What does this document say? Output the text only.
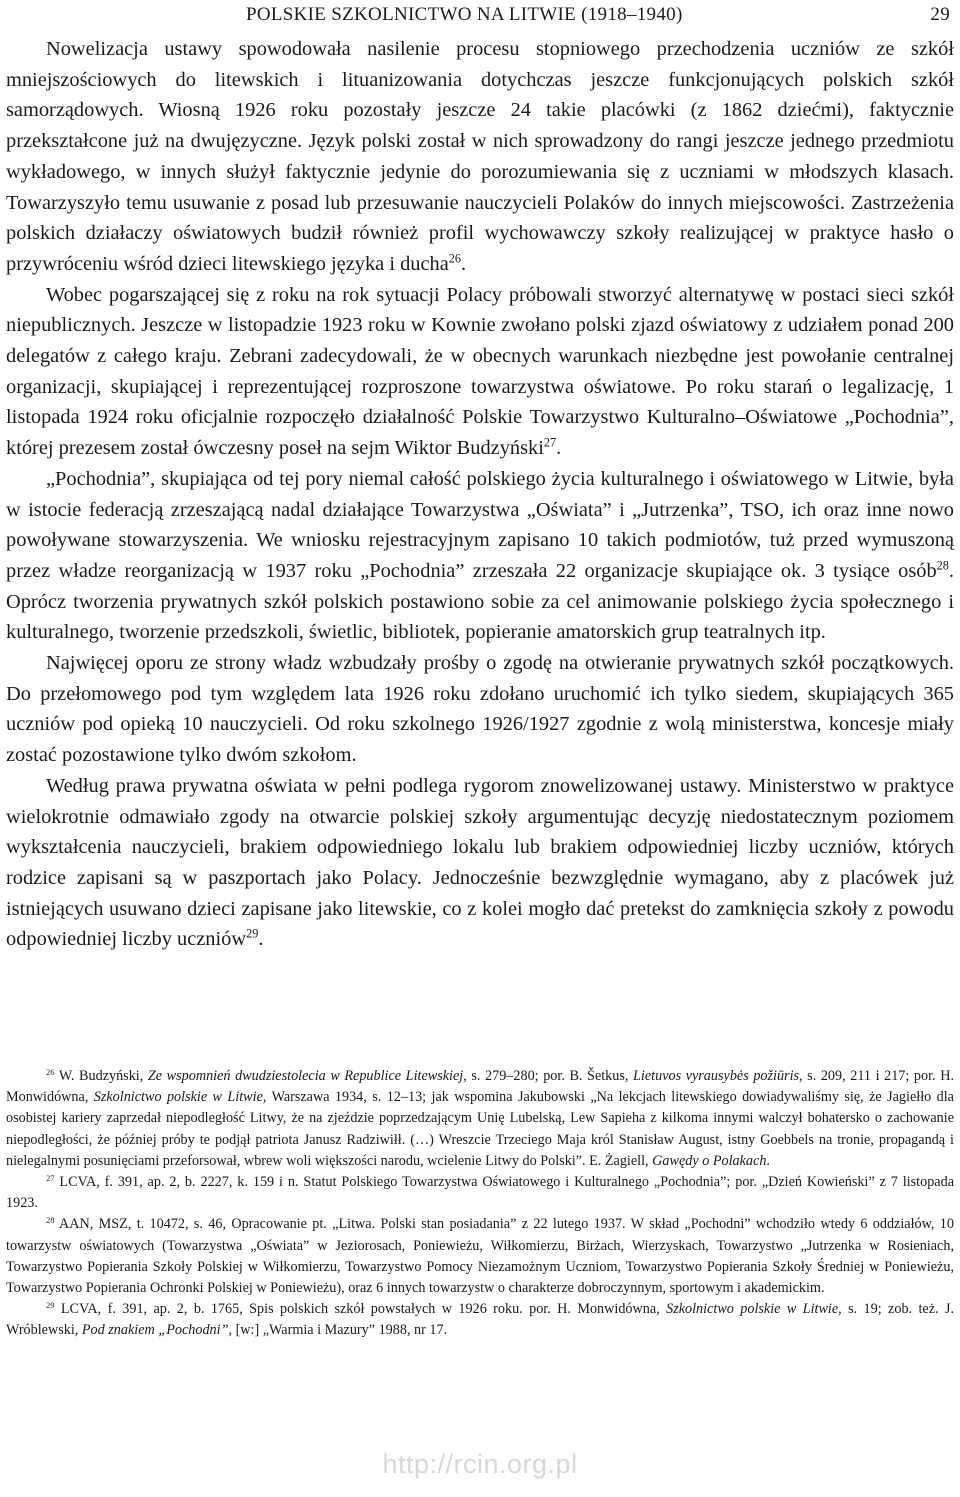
POLSKIE SZKOLNICTWO NA LITWIE (1918–1940)	29

Nowelizacja ustawy spowodowała nasilenie procesu stopniowego przechodzenia uczniów ze szkół mniejszościowych do litewskich i lituanizowania dotychczas jeszcze funkcjonujących polskich szkół samorządowych. Wiosną 1926 roku pozostały jeszcze 24 takie placówki (z 1862 dziećmi), faktycznie przekształcone już na dwujęzyczne. Język polski został w nich sprowadzony do rangi jeszcze jednego przedmiotu wykładowego, w innych służył faktycznie jedynie do porozumiewania się z uczniami w młodszych klasach. Towarzyszyło temu usuwanie z posad lub przesuwanie nauczycieli Polaków do innych miejscowości. Zastrzeżenia polskich działaczy oświatowych budził również profil wychowawczy szkoły realizującej w praktyce hasło o przywróceniu wśród dzieci litewskiego języka i ducha$^{26}$.

Wobec pogarszającej się z roku na rok sytuacji Polacy próbowali stworzyć alternatywę w postaci sieci szkół niepublicznych. Jeszcze w listopadzie 1923 roku w Kownie zwołano polski zjazd oświatowy z udziałem ponad 200 delegatów z całego kraju. Zebrani zadecydowali, że w obecnych warunkach niezbędne jest powołanie centralnej organizacji, skupiającej i reprezentującej rozproszone towarzystwa oświatowe. Po roku starań o legalizację, 1 listopada 1924 roku oficjalnie rozpoczęło działalność Polskie Towarzystwo Kulturalno–Oświatowe „Pochodnia”, której prezesem został ówczesny poseł na sejm Wiktor Budzyński$^{27}$.

„Pochodnia”, skupiająca od tej pory niemal całość polskiego życia kulturalnego i oświatowego w Litwie, była w istocie federacją zrzeszającą nadal działające Towarzystwa „Oświata” i „Jutrzenka”, TSO, ich oraz inne nowo powoływane stowarzyszenia. We wniosku rejestracyjnym zapisano 10 takich podmiotów, tuż przed wymuszoną przez władze reorganizacją w 1937 roku „Pochodnia” zrzeszała 22 organizacje skupiające ok. 3 tysiące osób$^{28}$. Oprócz tworzenia prywatnych szkół polskich postawiono sobie za cel animowanie polskiego życia społecznego i kulturalnego, tworzenie przedszkoli, świetlic, bibliotek, popieranie amatorskich grup teatralnych itp.

Najwięcej oporu ze strony władz wzbudzały prośby o zgodę na otwieranie prywatnych szkół początkowych. Do przełomowego pod tym względem lata 1926 roku zdołano uruchomić ich tylko siedem, skupiających 365 uczniów pod opieką 10 nauczycieli. Od roku szkolnego 1926/1927 zgodnie z wolą ministerstwa, koncesje miały zostać pozostawione tylko dwóm szkołom.

Według prawa prywatna oświata w pełni podlega rygorom znowelizowanej ustawy. Ministerstwo w praktyce wielokrotnie odmawiało zgody na otwarcie polskiej szkoły argumentując decyzję niedostatecznym poziomem wykształcenia nauczycieli, brakiem odpowiedniego lokalu lub brakiem odpowiedniej liczby uczniów, których rodzice zapisani są w paszportach jako Polacy. Jednocześnie bezwzględnie wymagano, aby z placówek już istniejących usuwano dzieci zapisane jako litewskie, co z kolei mogło dać pretekst do zamknięcia szkoły z powodu odpowiedniej liczby uczniów$^{29}$.

$^{26}$ W. Budzyński, Ze wspomnień dwudziestolecia w Republice Litewskiej, s. 279–280; por. B. Šetkus, Lietuvos vyrausybės požiūris, s. 209, 211 i 217; por. H. Monwidówna, Szkolnictwo polskie w Litwie, Warszawa 1934, s. 12–13; jak wspomina Jakubowski „Na lekcjach litewskiego dowiadywaliśmy się, że Jagiełło dla osobistej kariery zaprzedał niepodległość Litwy, że na zjeździe poprzedzającym Unię Lubelską, Lew Sapieha z kilkoma innymi walczył bohatersko o zachowanie niepodległości, że później próby te podjął patriota Janusz Radziwiłł. (…) Wreszcie Trzeciego Maja król Stanisław August, istny Goebbels na tronie, propagandą i nielegalnymi posunięciami przeforsował, wbrew woli większości narodu, wcielenie Litwy do Polski”. E. Żagiell, Gawędy o Polakach.

$^{27}$ LCVA, f. 391, ap. 2, b. 2227, k. 159 i n. Statut Polskiego Towarzystwa Oświatowego i Kulturalnego „Pochodnia”; por. „Dzień Kowieński” z 7 listopada 1923.

$^{28}$ AAN, MSZ, t. 10472, s. 46, Opracowanie pt. „Litwa. Polski stan posiadania” z 22 lutego 1937. W skład „Pochodni” wchodziło wtedy 6 oddziałów, 10 towarzystw oświatowych (Towarzystwa „Oświata” w Jeziorosach, Poniewieżu, Wiłkomierzu, Birżach, Wierzyskach, Towarzystwo „Jutrzenka w Rosieniach, Towarzystwo Popierania Szkoły Polskiej w Wiłkomierzu, Towarzystwo Pomocy Niezamożnym Uczniom, Towarzystwo Popierania Szkoły Średniej w Poniewieżu, Towarzystwo Popierania Ochronki Polskiej w Poniewieżu), oraz 6 innych towarzystw o charakterze dobroczynnym, sportowym i akademickim.

$^{29}$ LCVA, f. 391, ap. 2, b. 1765, Spis polskich szkół powstałych w 1926 roku. por. H. Monwidówna, Szkolnictwo polskie w Litwie, s. 19; zob. też. J. Wróblewski, Pod znakiem „Pochodni”, [w:] „Warmia i Mazury” 1988, nr 17.

http://rcin.org.pl
